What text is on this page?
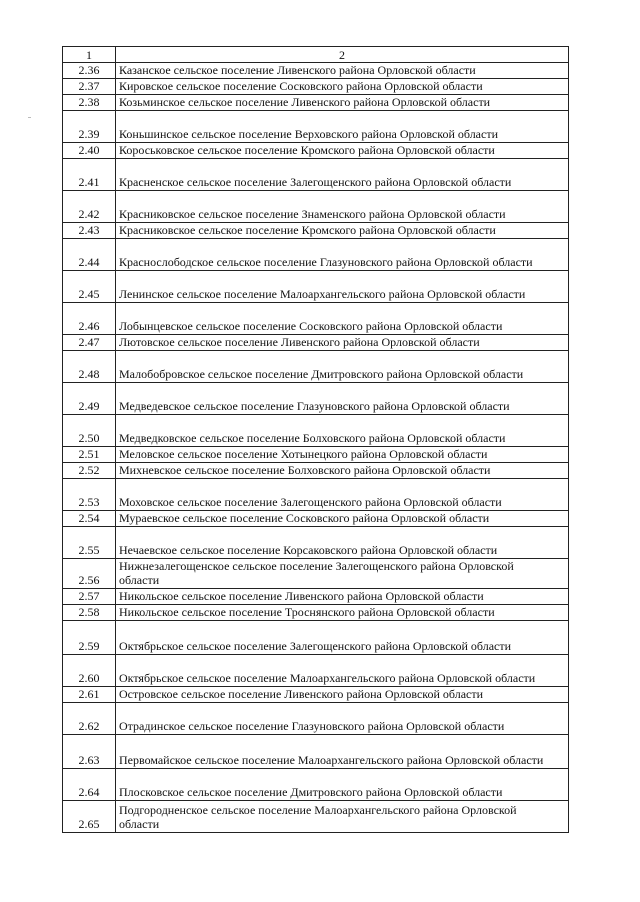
1	2
2.36	Казанское сельское поселение Ливенского района Орловской области
2.37	Кировское сельское поселение Сосковского района Орловской области
2.38	Козьминское сельское поселение Ливенского района Орловской области
2.39	Коньшинское сельское поселение Верховского района Орловской области
2.40	Короськовское сельское поселение Кромского района Орловской области
2.41	Красненское сельское поселение Залегощенского района Орловской области
2.42	Красниковское сельское поселение Знаменского района Орловской области
2.43	Красниковское сельское поселение Кромского района Орловской области
2.44	Краснослободское сельское поселение Глазуновского района Орловской области
2.45	Ленинское сельское поселение Малоархангельского района Орловской области
2.46	Лобынцевское сельское поселение Сосковского района Орловской области
2.47	Лютовское сельское поселение Ливенского района Орловской области
2.48	Малобобровское сельское поселение Дмитровского района Орловской области
2.49	Медведевское сельское поселение Глазуновского района Орловской области
2.50	Медведковское сельское поселение Болховского района Орловской области
2.51	Меловское сельское поселение Хотынецкого района Орловской области
2.52	Михневское сельское поселение Болховского района Орловской области
2.53	Моховское сельское поселение Залегощенского района Орловской области
2.54	Мураевское сельское поселение Сосковского района Орловской области
2.55	Нечаевское сельское поселение Корсаковского района Орловской области
2.56	Нижнезалегощенское сельское поселение Залегощенского района Орловской области
2.57	Никольское сельское поселение Ливенского района Орловской области
2.58	Никольское сельское поселение Троснянского района Орловской области
2.59	Октябрьское сельское поселение Залегощенского района Орловской области
2.60	Октябрьское сельское поселение Малоархангельского района Орловской области
2.61	Островское сельское поселение Ливенского района Орловской области
2.62	Отрадинское сельское поселение Глазуновского района Орловской области
2.63	Первомайское сельское поселение Малоархангельского района Орловской области
2.64	Плосковское сельское поселение Дмитровского района Орловской области
2.65	Подгородненское сельское поселение Малоархангельского района Орловской области
